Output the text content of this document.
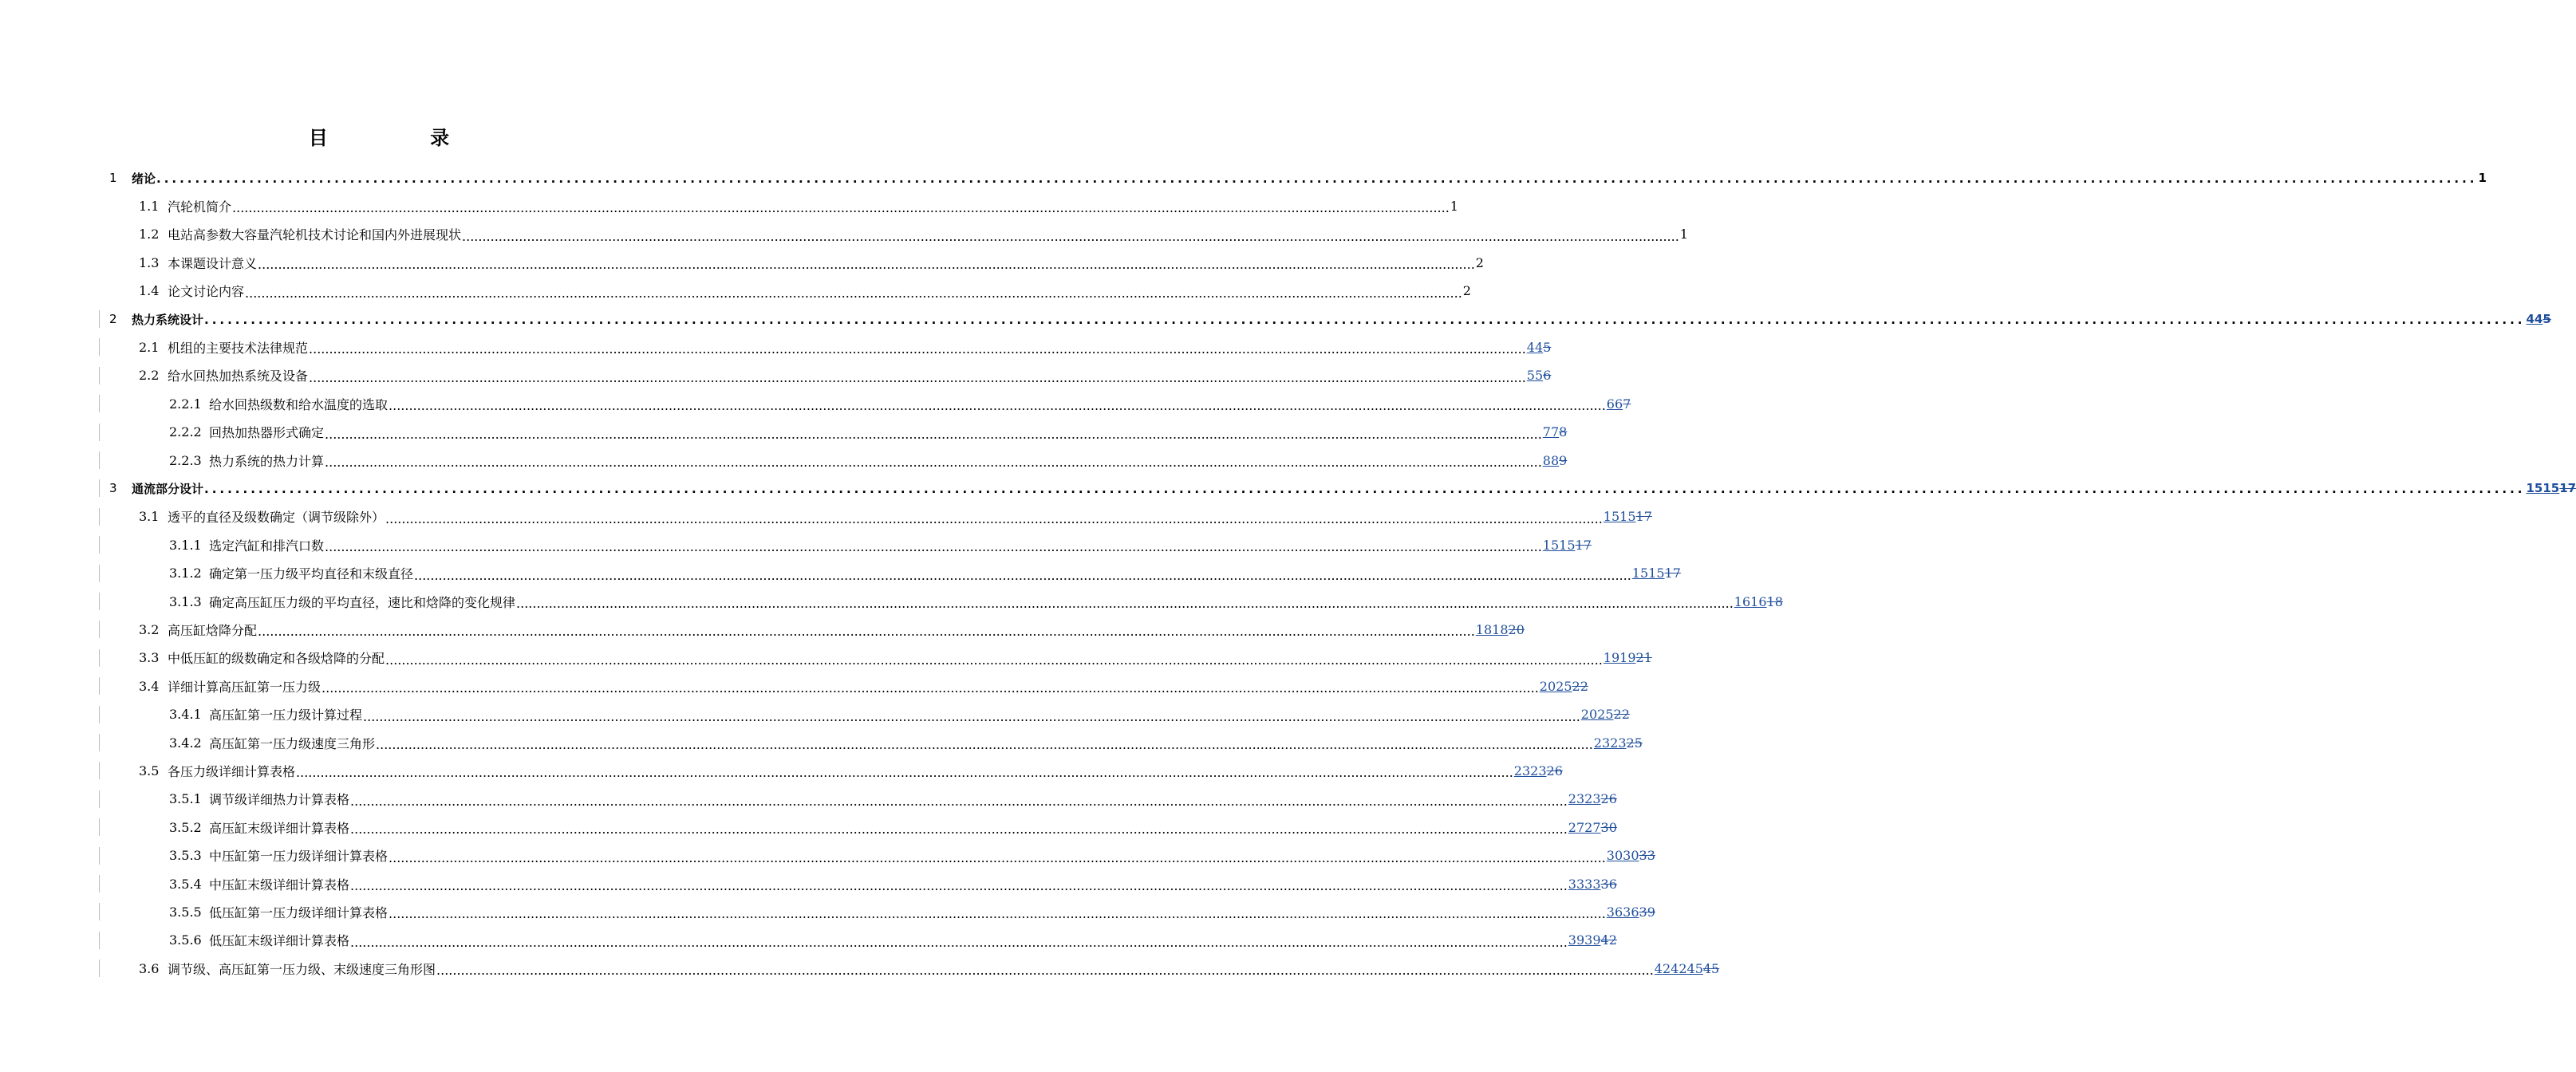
目 录
1	绪论 ............................................................................................................................................................................................................................................................................................................ 1
1.1 汽轮机简介 ............................................................................................................................................................................................................................................................................................................ 1
1.2 电站高参数大容量汽轮机技术讨论和国内外进展现状 ............................................................................................................................................................................................................................................................................................................ 1
1.3 本课题设计意义 ............................................................................................................................................................................................................................................................................................................ 2
1.4 论文讨论内容 ............................................................................................................................................................................................................................................................................................................ 2
2	热力系统设计 ............................................................................................................................................................................................................................................................................................................ 445
2.1 机组的主要技术法律规范 ............................................................................................................................................................................................................................................................................................................ 445
2.2 给水回热加热系统及设备 ............................................................................................................................................................................................................................................................................................................ 556
2.2.1 给水回热级数和给水温度的选取 ............................................................................................................................................................................................................................................................................................................ 667
2.2.2 回热加热器形式确定 ............................................................................................................................................................................................................................................................................................................ 778
2.2.3 热力系统的热力计算 ............................................................................................................................................................................................................................................................................................................ 889
3	通流部分设计 ............................................................................................................................................................................................................................................................................................................ 151517
3.1 透平的直径及级数确定（调节级除外） ............................................................................................................................................................................................................................................................................................................ 151517
3.1.1 选定汽缸和排汽口数 ............................................................................................................................................................................................................................................................................................................ 151517
3.1.2 确定第一压力级平均直径和末级直径 ............................................................................................................................................................................................................................................................................................................ 151517
3.1.3 确定高压缸压力级的平均直径，速比和焓降的变化规律 ............................................................................................................................................................................................................................................................................................................ 161618
3.2 高压缸焓降分配 ............................................................................................................................................................................................................................................................................................................ 181820
3.3 中低压缸的级数确定和各级焓降的分配 ............................................................................................................................................................................................................................................................................................................ 191921
3.4 详细计算高压缸第一压力级 ............................................................................................................................................................................................................................................................................................................ 202522
3.4.1 高压缸第一压力级计算过程 ............................................................................................................................................................................................................................................................................................................ 202522
3.4.2 高压缸第一压力级速度三角形 ............................................................................................................................................................................................................................................................................................................ 232325
3.5 各压力级详细计算表格 ............................................................................................................................................................................................................................................................................................................ 232326
3.5.1 调节级详细热力计算表格 ............................................................................................................................................................................................................................................................................................................ 232326
3.5.2 高压缸末级详细计算表格 ............................................................................................................................................................................................................................................................................................................ 272730
3.5.3 中压缸第一压力级详细计算表格 ............................................................................................................................................................................................................................................................................................................ 303033
3.5.4 中压缸末级详细计算表格 ............................................................................................................................................................................................................................................................................................................ 333336
3.5.5 低压缸第一压力级详细计算表格 ............................................................................................................................................................................................................................................................................................................ 363639
3.5.6 低压缸末级详细计算表格 ............................................................................................................................................................................................................................................................................................................ 393942
3.6 调节级、高压缸第一压力级、末级速度三角形图 ............................................................................................................................................................................................................................................................................................................ 42424545
